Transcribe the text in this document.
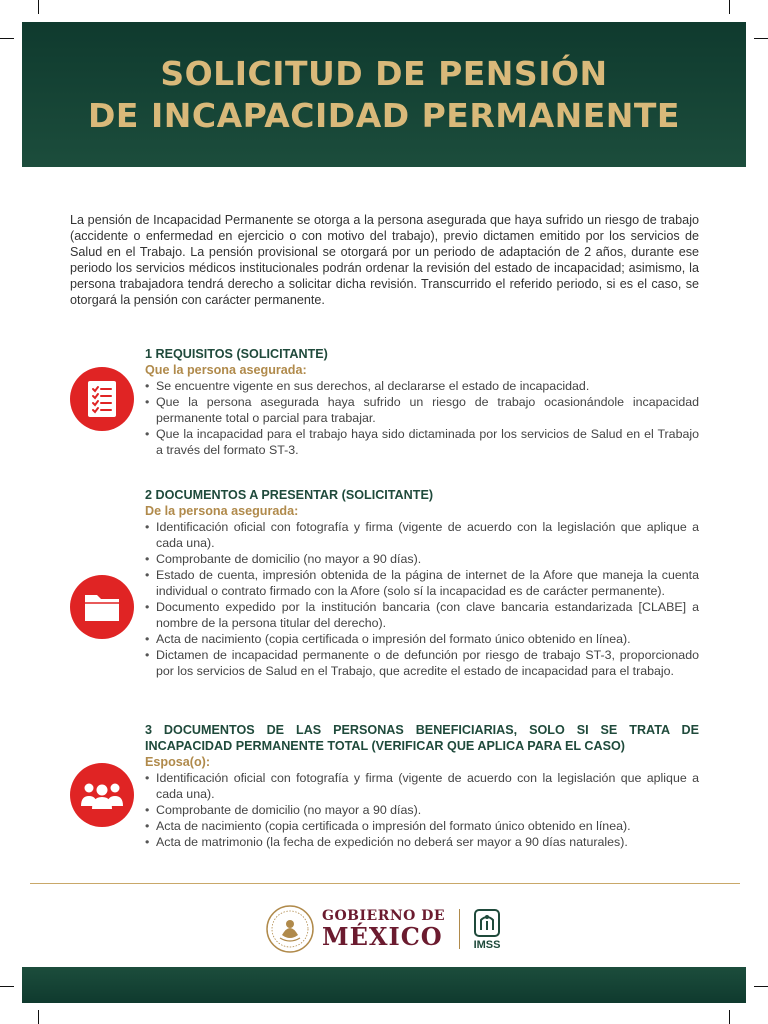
SOLICITUD DE PENSIÓN
DE INCAPACIDAD PERMANENTE

La pensión de Incapacidad Permanente se otorga a la persona asegurada que haya sufrido un riesgo de trabajo (accidente o enfermedad en ejercicio o con motivo del trabajo), previo dictamen emitido por los servicios de Salud en el Trabajo. La pensión provisional se otorgará por un periodo de adaptación de 2 años, durante ese periodo los servicios médicos institucionales podrán ordenar la revisión del estado de incapacidad; asimismo, la persona trabajadora tendrá derecho a solicitar dicha revisión. Transcurrido el referido periodo, si es el caso, se otorgará la pensión con carácter permanente.

1 REQUISITOS (SOLICITANTE)

Que la persona asegurada:

• Se encuentre vigente en sus derechos, al declararse el estado de incapacidad.
• Que la persona asegurada haya sufrido un riesgo de trabajo ocasionándole incapacidad permanente total o parcial para trabajar.
• Que la incapacidad para el trabajo haya sido dictaminada por los servicios de Salud en el Trabajo a través del formato ST-3.

2 DOCUMENTOS A PRESENTAR (SOLICITANTE)

De la persona asegurada:

• Identificación oficial con fotografía y firma (vigente de acuerdo con la legislación que aplique a cada una).
• Comprobante de domicilio (no mayor a 90 días).
• Estado de cuenta, impresión obtenida de la página de internet de la Afore que maneja la cuenta individual o contrato firmado con la Afore (solo sí la incapacidad es de carácter permanente).
• Documento expedido por la institución bancaria (con clave bancaria estandarizada [CLABE] a nombre de la persona titular del derecho).
• Acta de nacimiento (copia certificada o impresión del formato único obtenido en línea).
• Dictamen de incapacidad permanente o de defunción por riesgo de trabajo ST-3, proporcionado por los servicios de Salud en el Trabajo, que acredite el estado de incapacidad para el trabajo.

3 DOCUMENTOS DE LAS PERSONAS BENEFICIARIAS, SOLO SI SE TRATA DE INCAPACIDAD PERMANENTE TOTAL (VERIFICAR QUE APLICA PARA EL CASO)

Esposa(o):

• Identificación oficial con fotografía y firma (vigente de acuerdo con la legislación que aplique a cada una).
• Comprobante de domicilio (no mayor a 90 días).
• Acta de nacimiento (copia certificada o impresión del formato único obtenido en línea).
• Acta de matrimonio (la fecha de expedición no deberá ser mayor a 90 días naturales).
GOBIERNO DE
MÉXICO	IMSS
